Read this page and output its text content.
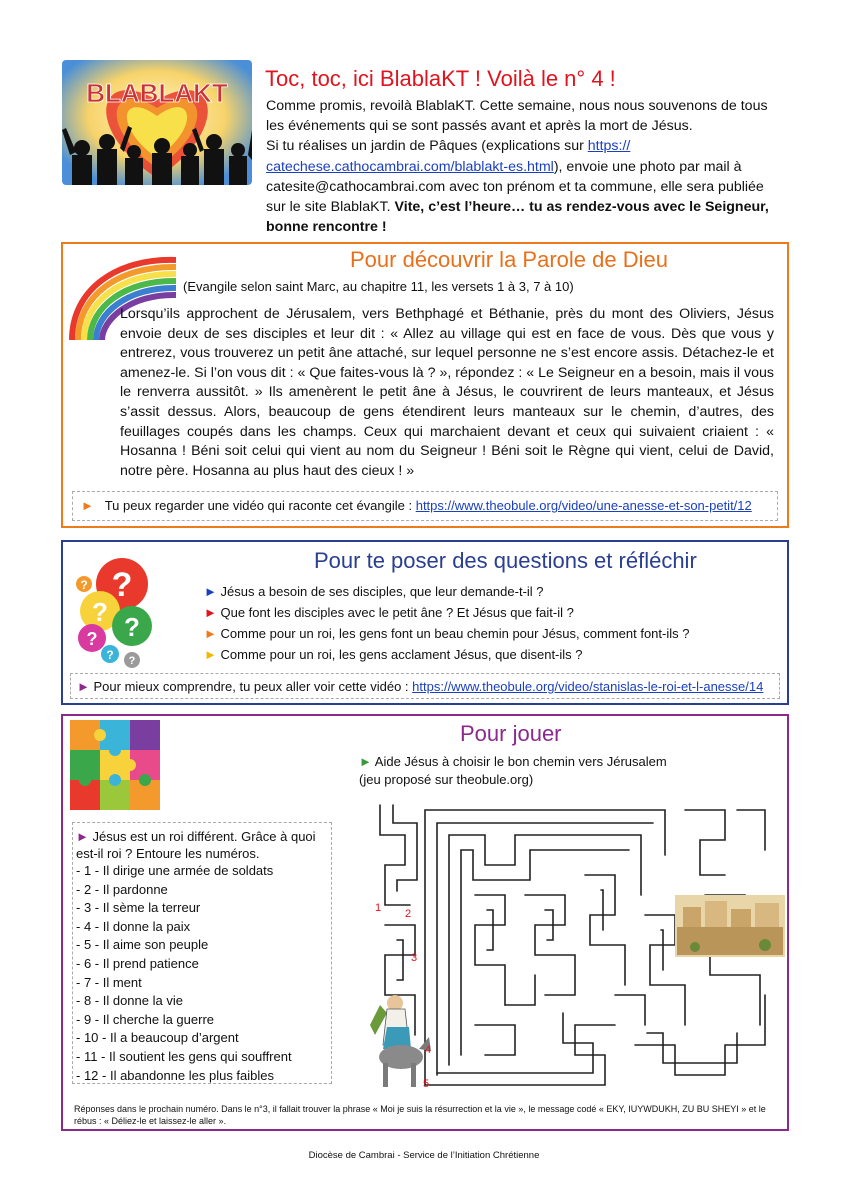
BLABLAKT Toc, toc, ici BlablaKT ! Voilà le n° 4 !

Comme promis, revoilà BlablaKT. Cette semaine, nous nous souvenons de tous les événements qui se sont passés avant et après la mort de Jésus.

Si tu réalises un jardin de Pâques (explications sur https:// catechese.cathocambrai.com/blablakt-es.html), envoie une photo par mail à catesite@cathocambrai.com avec ton prénom et ta commune, elle sera publiée sur le site BlablaKT. Vite, c’est l’heure… tu as rendez-vous avec le Seigneur, bonne rencontre !

Pour découvrir la Parole de Dieu
(Evangile selon saint Marc, au chapitre 11, les versets 1 à 3, 7 à 10)
Lorsqu’ils approchent de Jérusalem, vers Bethphagé et Béthanie, près du mont des Oliviers, Jésus envoie deux de ses disciples et leur dit : « Allez au village qui est en face de vous. Dès que vous y entrerez, vous trouverez un petit âne attaché, sur lequel personne ne s’est encore assis. Détachez-le et amenez-le. Si l’on vous dit : « Que faites-vous là ? », répondez : « Le Seigneur en a besoin, mais il vous le renverra aussitôt. » Ils amenèrent le petit âne à Jésus, le couvrirent de leurs manteaux, et Jésus s’assit dessus. Alors, beaucoup de gens étendirent leurs manteaux sur le chemin, d’autres, des feuillages coupés dans les champs. Ceux qui marchaient devant et ceux qui suivaient criaient : « Hosanna ! Béni soit celui qui vient au nom du Seigneur ! Béni soit le Règne qui vient, celui de David, notre père. Hosanna au plus haut des cieux ! »
► Tu peux regarder une vidéo qui raconte cet évangile : https://www.theobule.org/video/une-anesse-et-son-petit/12
?
? ?
?
?
? ?
Pour te poser des questions et réfléchir
► Jésus a besoin de ses disciples, que leur demande-t-il ?
► Que font les disciples avec le petit âne ? Et Jésus que fait-il ?
► Comme pour un roi, les gens font un beau chemin pour Jésus, comment font-ils ?
► Comme pour un roi, les gens acclament Jésus, que disent-ils ?
► Pour mieux comprendre, tu peux aller voir cette vidéo : https://www.theobule.org/video/stanislas-le-roi-et-l-anesse/14
Pour jouer
► Aide Jésus à choisir le bon chemin vers Jérusalem
(jeu proposé sur theobule.org)
1 2
3
4
5
► Jésus est un roi différent. Grâce à quoi est-il roi ? Entoure les numéros.
- 1 - Il dirige une armée de soldats
- 2 - Il pardonne
- 3 - Il sème la terreur
- 4 - Il donne la paix
- 5 - Il aime son peuple
- 6 - Il prend patience
- 7 - Il ment
- 8 - Il donne la vie
- 9 - Il cherche la guerre
- 10 - Il a beaucoup d’argent
- 11 - Il soutient les gens qui souffrent
- 12 - Il abandonne les plus faibles
Réponses dans le prochain numéro. Dans le n°3, il fallait trouver la phrase « Moi je suis la résurrection et la vie », le message codé « EKY, IUYWDUKH, ZU BU SHEYI » et le rébus : « Déliez-le et laissez-le aller ».
Diocèse de Cambrai - Service de l’Initiation Chrétienne
